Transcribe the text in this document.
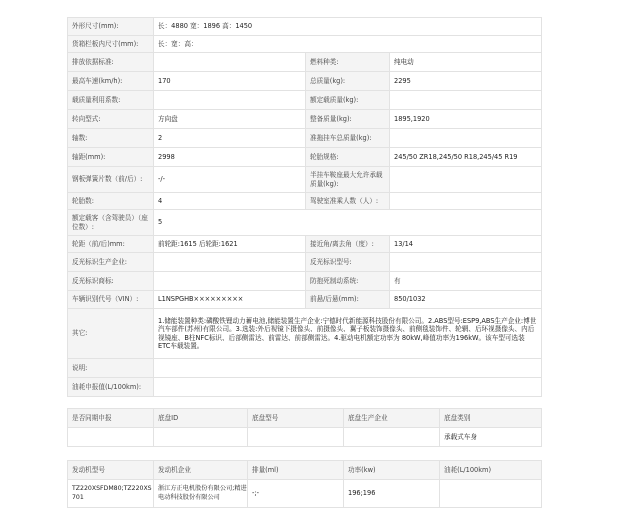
外形尺寸(mm):	长：4880 宽：1896 高：1450		
货箱栏板内尺寸(mm):	长：宽：高：		
排放依据标准:		燃料种类:	纯电动
最高车速(km/h):	170	总质量(kg):	2295
载质量利用系数:		额定载质量(kg):	
转向型式:	方向盘	整备质量(kg):	1895,1920
轴数:	2	准拖挂车总质量(kg):	
轴距(mm):	2998	轮胎规格:	245/50 ZR18,245/50 R18,245/45 R19
钢板弹簧片数（前/后）:	-/-	半挂车鞍座最大允许承载质量(kg):	
轮胎数:	4	驾驶室准乘人数（人）:	
额定载客（含驾驶员）（座位数）:	5		
轮距（前/后)mm:	前轮距:1615 后轮距:1621	接近角/离去角（度）:	13/14
反光标识生产企业:		反光标识型号:	
反光标识商标:		防抱死制动系统:	有
车辆识别代号（VIN）:	L1NSPGHB×××××××××	前悬/后悬(mm):	850/1032
其它:	1.储能装置种类:磷酸铁锂动力蓄电池,储能装置生产企业:宁德时代新能源科技股份有限公司。2.ABS型号:ESP9,ABS生产企业:博世汽车部件(苏州)有限公司。3.选装:外后视镜下摄像头、前摄像头、翼子板装饰摄像头、前侧毯装饰件、轮辋、后环视摄像头、内后视镜座、B柱NFC标识、后部侧雷达、前雷达、前部侧雷达。4.驱动电机额定功率为 80kW,峰值功率为196kW。该车型可选装ETC车载装置。		
说明:			
油耗申报值(L/100km):			
是否同期申报	底盘ID	底盘型号	底盘生产企业	底盘类别
				承载式车身
发动机型号	发动机企业	排量(ml)	功率(kw)	油耗(L/100km)
TZ220XSFDM80;TZ220XS701	浙江方正电机股份有限公司;精进电动科技股份有限公司	-;-	196;196	
